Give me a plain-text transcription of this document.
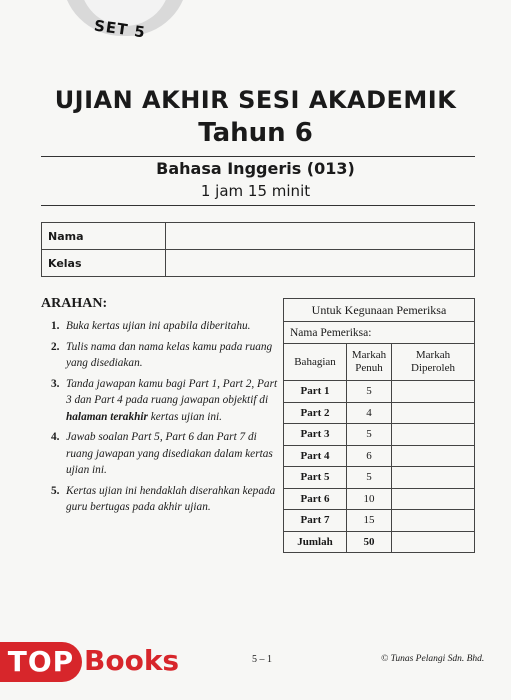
SET 5
UJIAN AKHIR SESI AKADEMIK
Tahun 6
Bahasa Inggeris (013)
1 jam 15 minit
Nama	
Kelas	
ARAHAN:
1. Buka kertas ujian ini apabila diberitahu.
2. Tulis nama dan nama kelas kamu pada ruang yang disediakan.
3. Tanda jawapan kamu bagi Part 1, Part 2, Part 3 dan Part 4 pada ruang jawapan objektif di halaman terakhir kertas ujian ini.
4. Jawab soalan Part 5, Part 6 dan Part 7 di ruang jawapan yang disediakan dalam kertas ujian ini.
5. Kertas ujian ini hendaklah diserahkan kepada guru bertugas pada akhir ujian.
Untuk Kegunaan Pemeriksa		
Nama Pemeriksa:		
Bahagian	Markah Penuh	Markah Diperoleh
Part 1	5	
Part 2	4	
Part 3	5	
Part 4	6	
Part 5	5	
Part 6	10	
Part 7	15	
Jumlah	50	
TOP Books	5 – 1	© Tunas Pelangi Sdn. Bhd.
